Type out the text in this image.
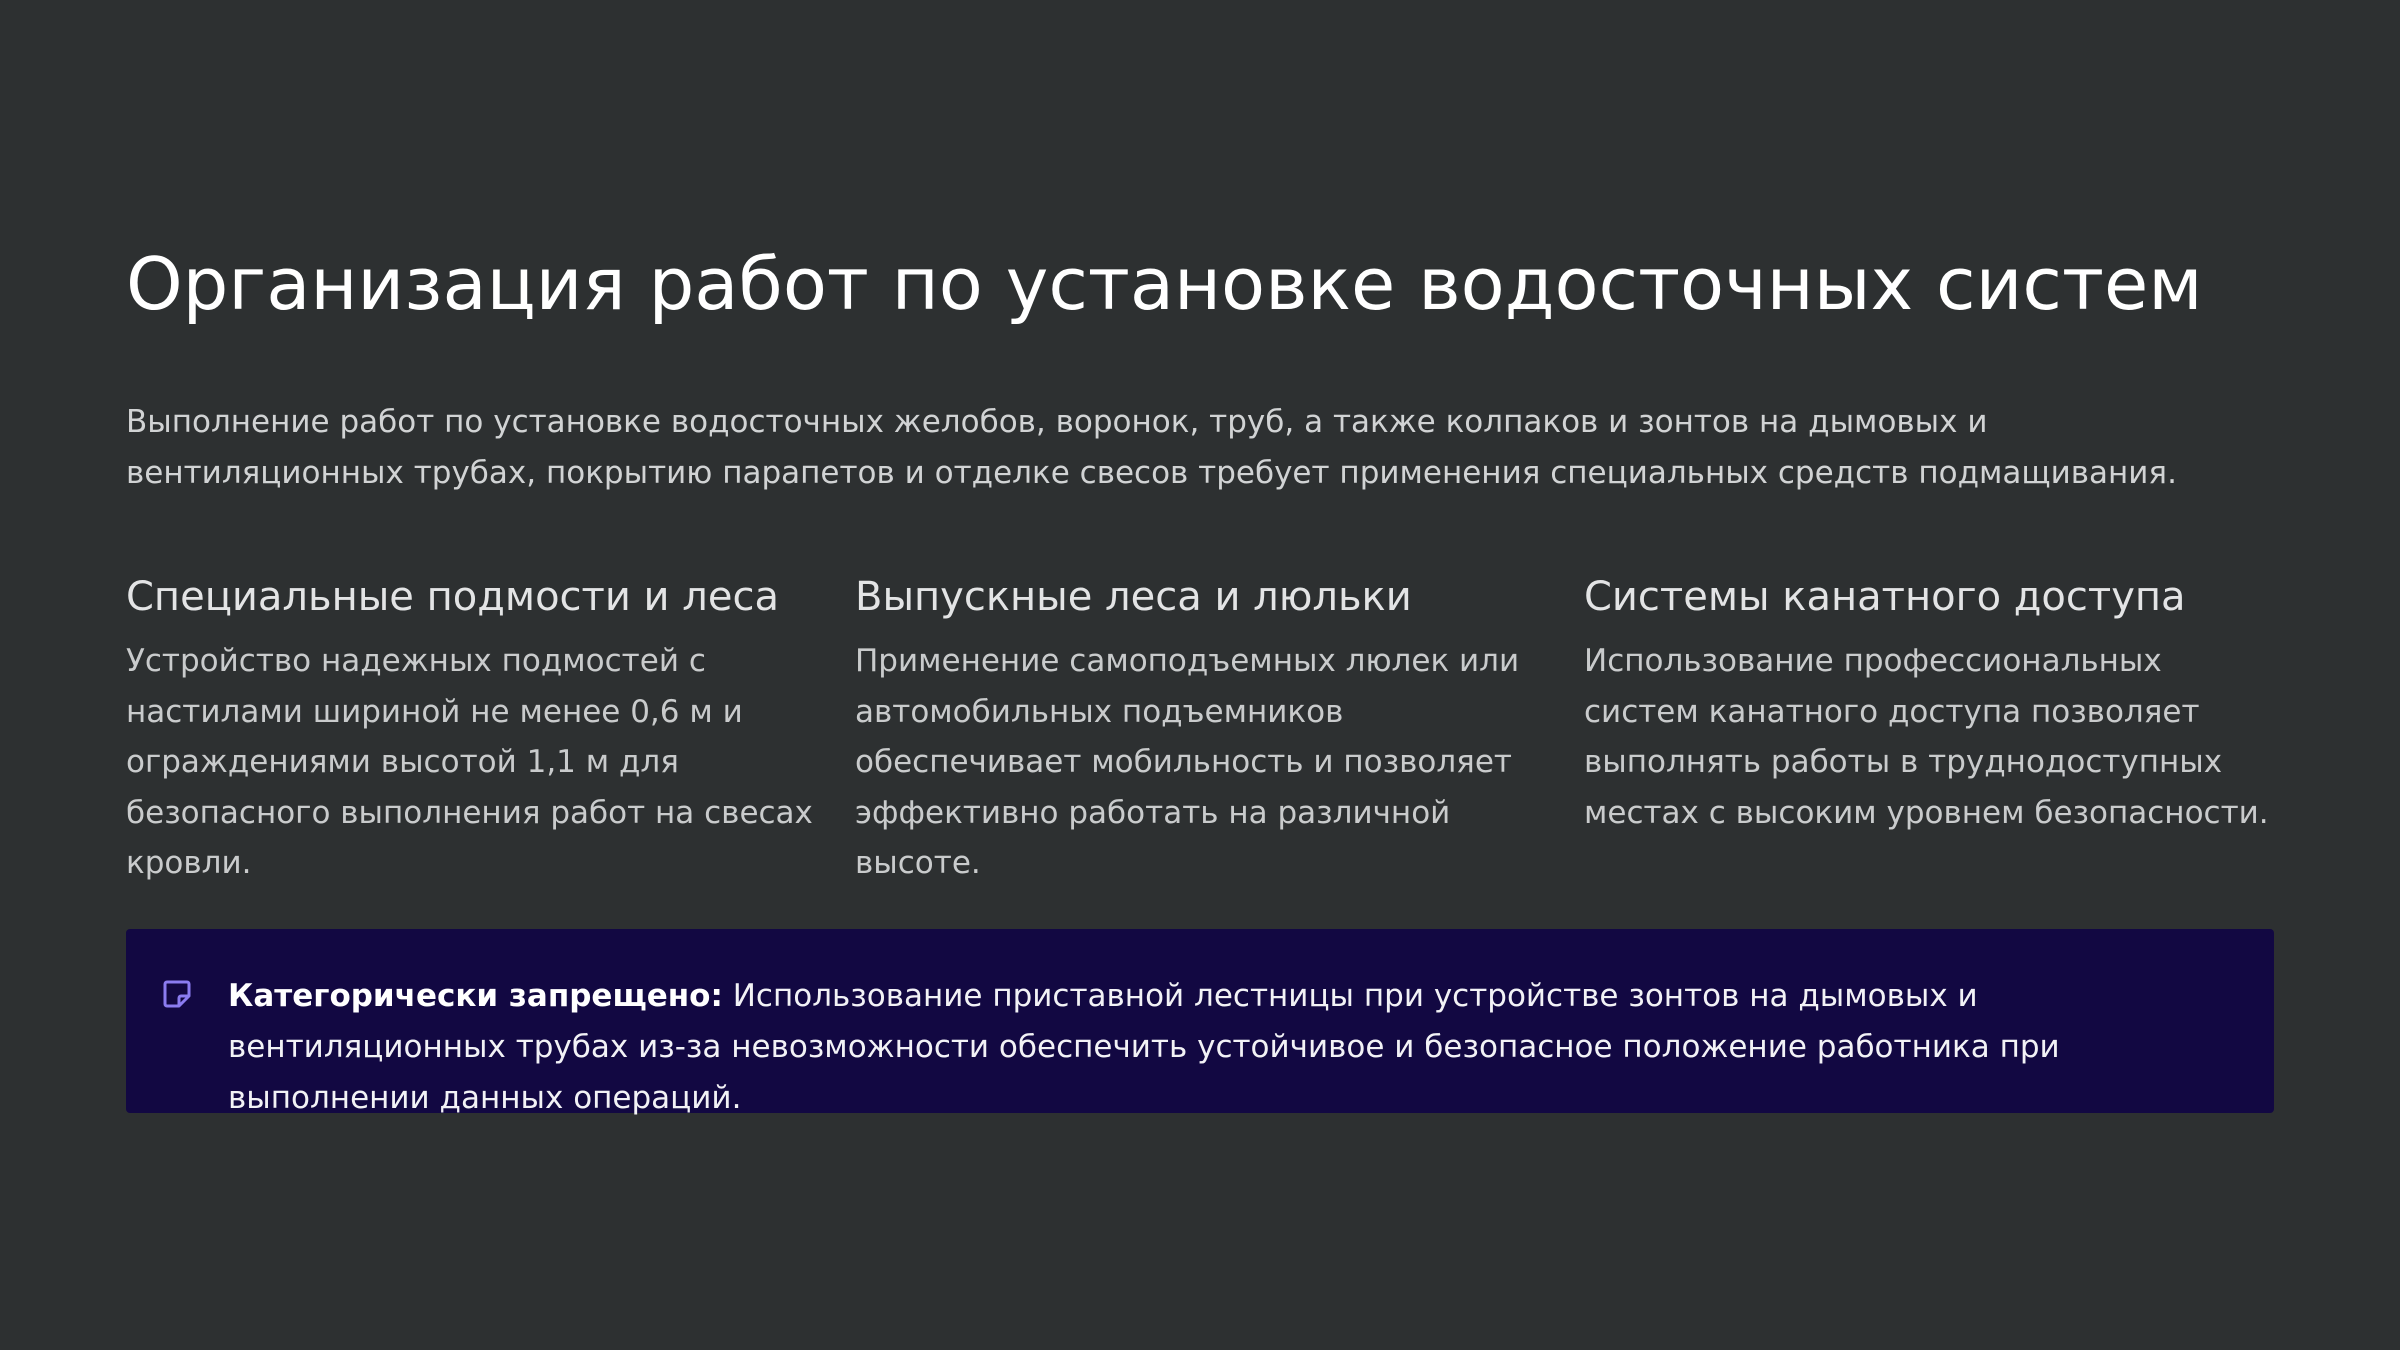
Организация работ по установке водосточных систем

Выполнение работ по установке водосточных желобов, воронок, труб, а также колпаков и зонтов на дымовых и вентиляционных трубах, покрытию парапетов и отделке свесов требует применения специальных средств подмащивания.

Специальные подмости и леса

Устройство надежных подмостей с настилами шириной не менее 0,6 м и ограждениями высотой 1,1 м для безопасного выполнения работ на свесах кровли.

Выпускные леса и люльки

Применение самоподъемных люлек или автомобильных подъемников обеспечивает мобильность и позволяет эффективно работать на различной высоте.

Системы канатного доступа

Использование профессиональных систем канатного доступа позволяет выполнять работы в труднодоступных местах с высоким уровнем безопасности.

Категорически запрещено: Использование приставной лестницы при устройстве зонтов на дымовых и вентиляционных трубах из-за невозможности обеспечить устойчивое и безопасное положение работника при выполнении данных операций.
